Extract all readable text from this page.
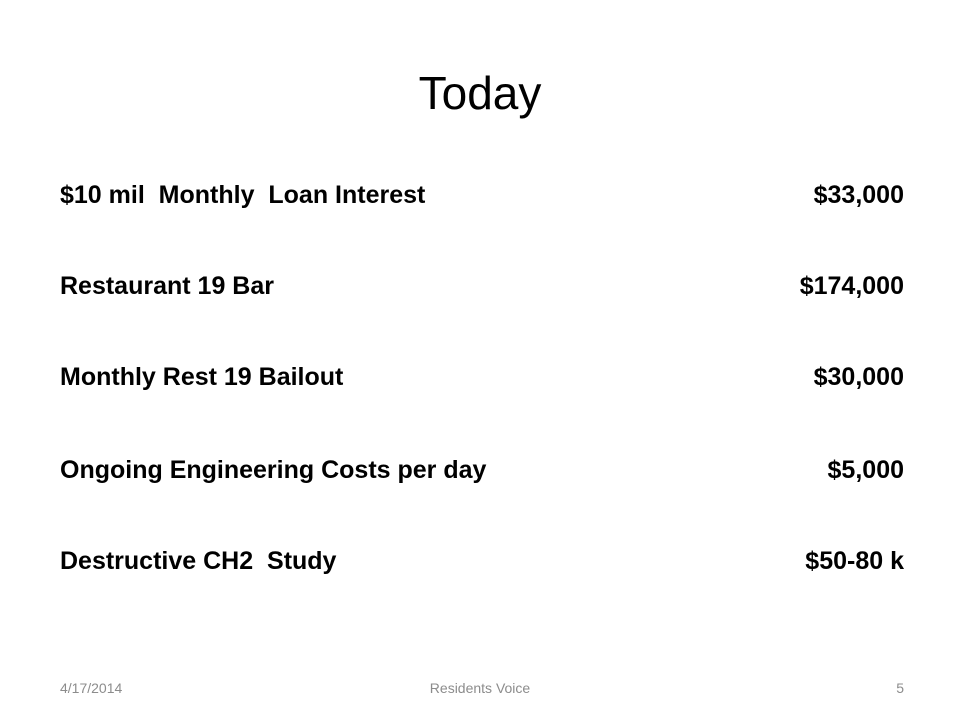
Today
$10 mil  Monthly  Loan Interest	$33,000
Restaurant 19 Bar	$174,000
Monthly Rest 19 Bailout	$30,000
Ongoing Engineering Costs per day	$5,000
Destructive CH2  Study	$50-80 k
4/17/2014	Residents Voice	5
